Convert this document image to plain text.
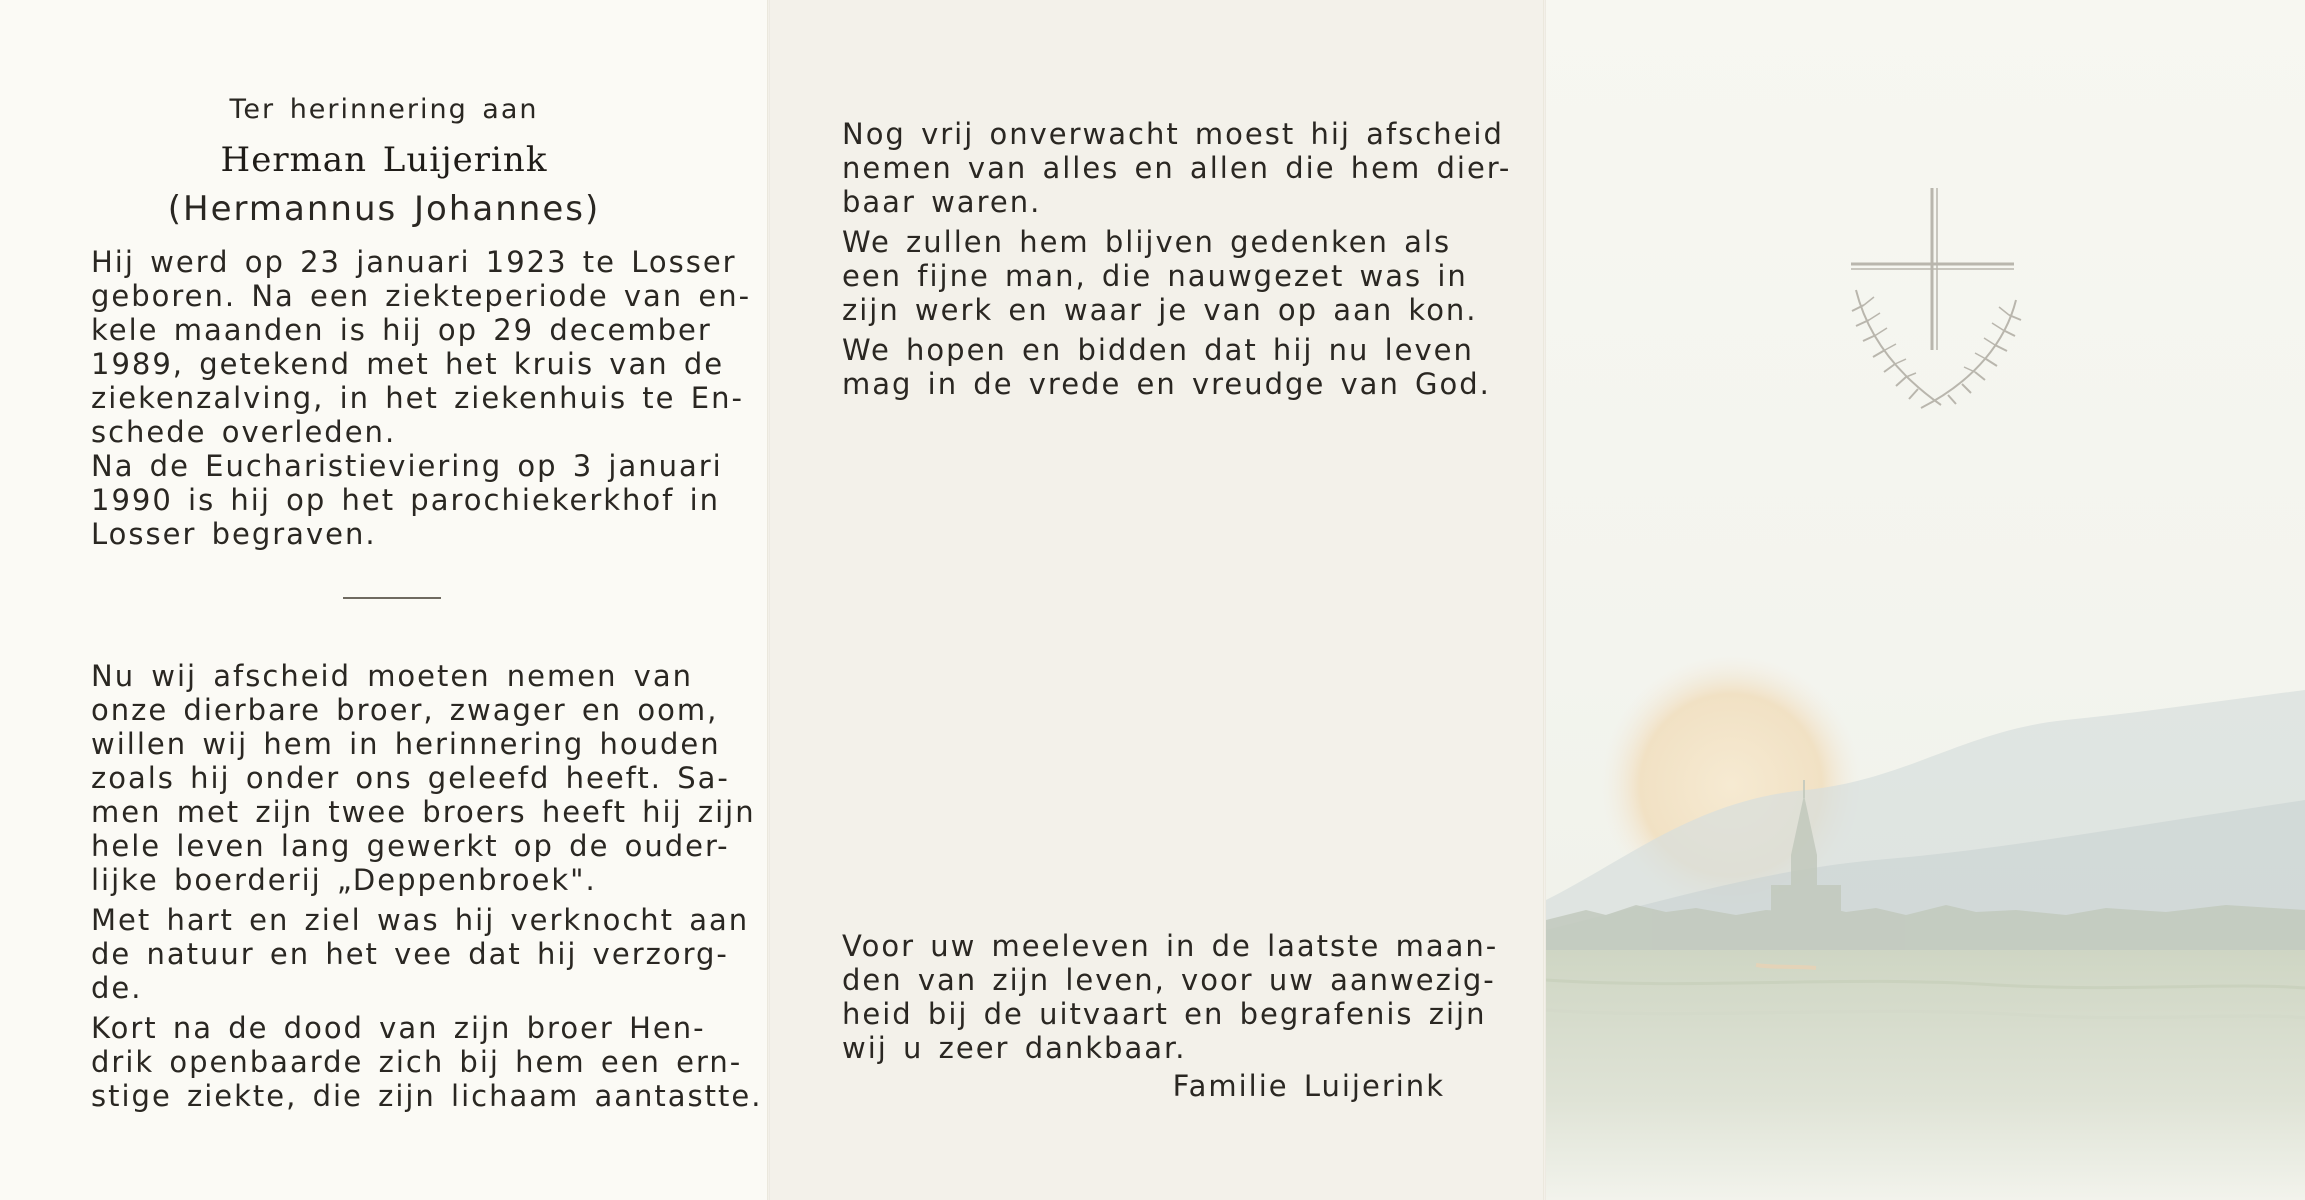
Ter herinnering aan

Herman Luijerink

(Hermannus Johannes)

Hij werd op 23 januari 1923 te Losser

geboren. Na een ziekteperiode van en-

kele maanden is hij op 29 december

1989, getekend met het kruis van de

ziekenzalving, in het ziekenhuis te En-

schede overleden.

Na de Eucharistieviering op 3 januari

1990 is hij op het parochiekerkhof in

Losser begraven.

Nu wij afscheid moeten nemen van

onze dierbare broer, zwager en oom,

willen wij hem in herinnering houden

zoals hij onder ons geleefd heeft. Sa-

men met zijn twee broers heeft hij zijn

hele leven lang gewerkt op de ouder-

lijke boerderij „Deppenbroek".

Met hart en ziel was hij verknocht aan

de natuur en het vee dat hij verzorg-

de.

Kort na de dood van zijn broer Hen-

drik openbaarde zich bij hem een ern-

stige ziekte, die zijn lichaam aantastte.

Nog vrij onverwacht moest hij afscheid

nemen van alles en allen die hem dier-

baar waren.

We zullen hem blijven gedenken als

een fijne man, die nauwgezet was in

zijn werk en waar je van op aan kon.

We hopen en bidden dat hij nu leven

mag in de vrede en vreudge van God.

Voor uw meeleven in de laatste maan-

den van zijn leven, voor uw aanwezig-

heid bij de uitvaart en begrafenis zijn

wij u zeer dankbaar.

Familie Luijerink
